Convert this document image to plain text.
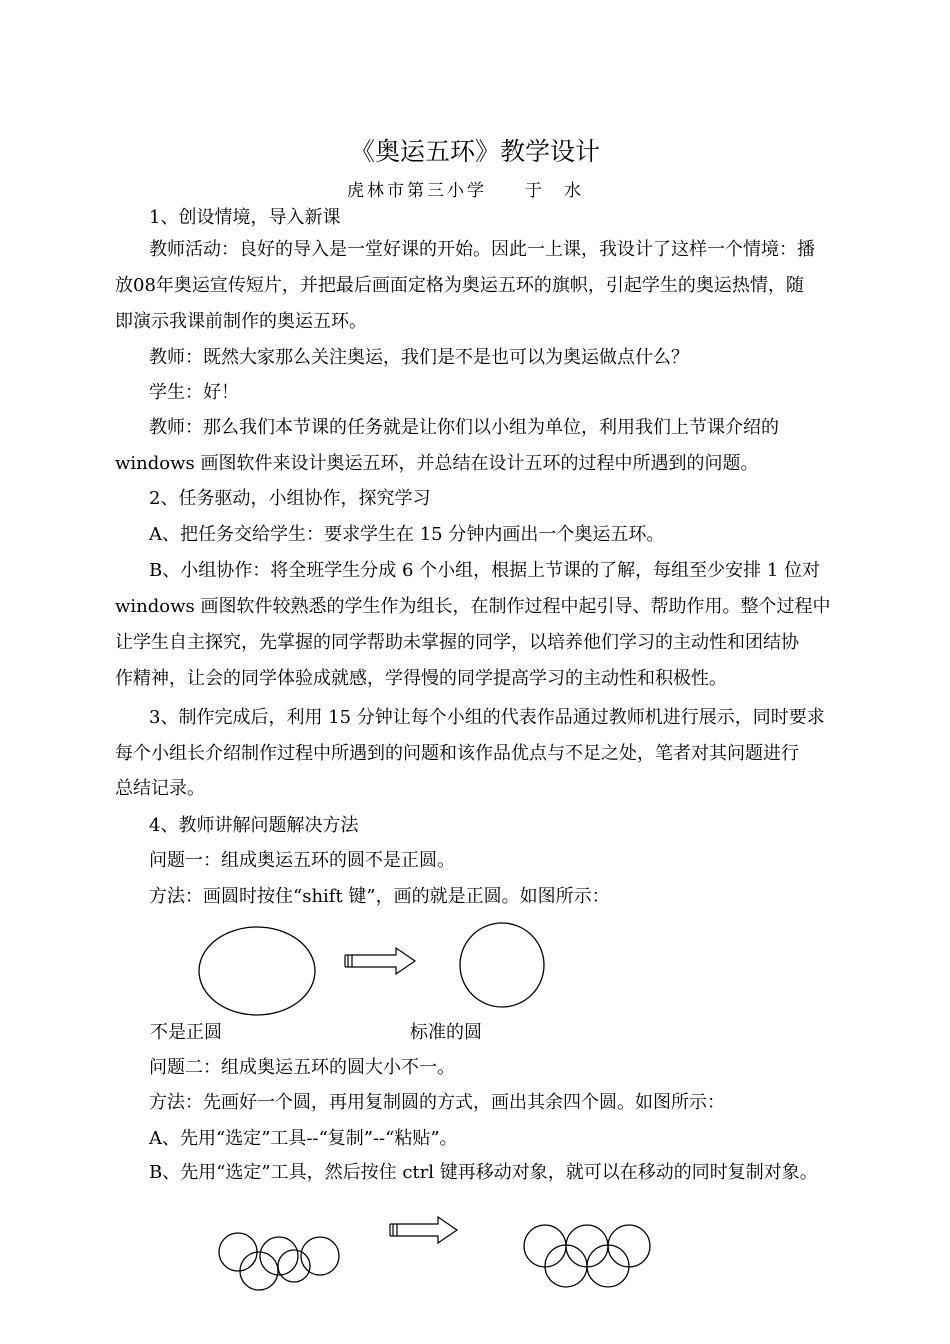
《奥运五环》教学设计
虎林市第三小学 于水
1、创设情境，导入新课
教师活动：良好的导入是一堂好课的开始。因此一上课，我设计了这样一个情境：播
放08年奥运宣传短片，并把最后画面定格为奥运五环的旗帜，引起学生的奥运热情，随
即演示我课前制作的奥运五环。
教师：既然大家那么关注奥运，我们是不是也可以为奥运做点什么？
学生：好！
教师：那么我们本节课的任务就是让你们以小组为单位，利用我们上节课介绍的
windows 画图软件来设计奥运五环，并总结在设计五环的过程中所遇到的问题。
2、任务驱动，小组协作，探究学习
A、把任务交给学生：要求学生在 15 分钟内画出一个奥运五环。
B、小组协作：将全班学生分成 6 个小组，根据上节课的了解，每组至少安排 1 位对
windows 画图软件较熟悉的学生作为组长，在制作过程中起引导、帮助作用。整个过程中
让学生自主探究，先掌握的同学帮助未掌握的同学，以培养他们学习的主动性和团结协
作精神，让会的同学体验成就感，学得慢的同学提高学习的主动性和积极性。
3、制作完成后，利用 15 分钟让每个小组的代表作品通过教师机进行展示，同时要求
每个小组长介绍制作过程中所遇到的问题和该作品优点与不足之处，笔者对其问题进行
总结记录。
4、教师讲解问题解决方法
问题一：组成奥运五环的圆不是正圆。
方法：画圆时按住“shift 键”，画的就是正圆。如图所示：
不是正圆	标准的圆
问题二：组成奥运五环的圆大小不一。
方法：先画好一个圆，再用复制圆的方式，画出其余四个圆。如图所示：
A、先用“选定”工具--“复制”--“粘贴”。
B、先用“选定”工具，然后按住 ctrl 键再移动对象，就可以在移动的同时复制对象。
